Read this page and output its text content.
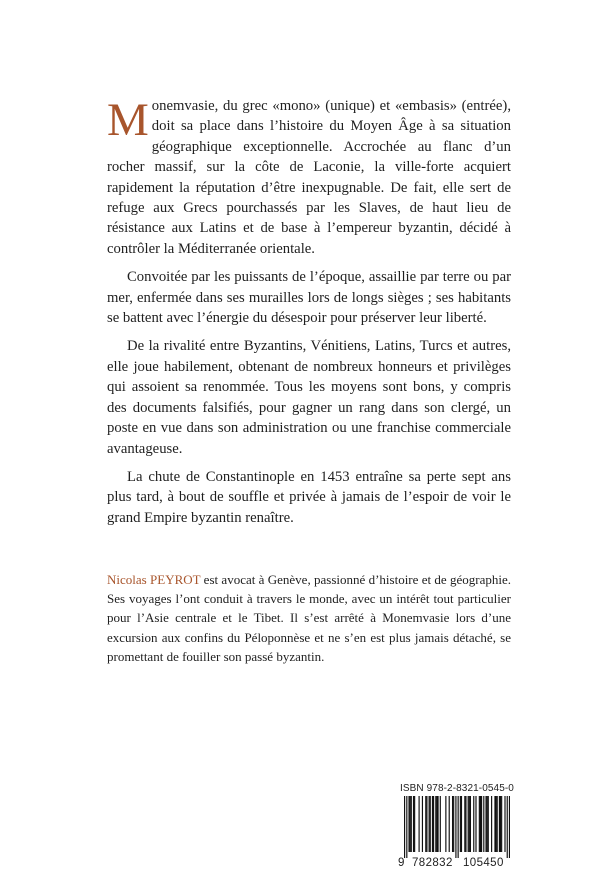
Monemvasie, du grec «mono» (unique) et «embasis» (entrée), doit sa place dans l’histoire du Moyen Âge à sa situation géographique exceptionnelle. Accrochée au flanc d’un rocher massif, sur la côte de Laconie, la ville-forte acquiert rapidement la réputation d’être inexpugnable. De fait, elle sert de refuge aux Grecs pourchassés par les Slaves, de haut lieu de résistance aux Latins et de base à l’empereur byzantin, décidé à contrôler la Méditerranée orientale.

Convoitée par les puissants de l’époque, assaillie par terre ou par mer, enfermée dans ses murailles lors de longs sièges ; ses habitants se battent avec l’énergie du désespoir pour préserver leur liberté.

De la rivalité entre Byzantins, Vénitiens, Latins, Turcs et autres, elle joue habilement, obtenant de nombreux honneurs et privilèges qui assoient sa renommée. Tous les moyens sont bons, y compris des documents falsifiés, pour gagner un rang dans son clergé, un poste en vue dans son administration ou une franchise commerciale avantageuse.

La chute de Constantinople en 1453 entraîne sa perte sept ans plus tard, à bout de souffle et privée à jamais de l’espoir de voir le grand Empire byzantin renaître.

Nicolas PEYROT est avocat à Genève, passionné d’histoire et de géographie. Ses voyages l’ont conduit à travers le monde, avec un intérêt tout particulier pour l’Asie centrale et le Tibet. Il s’est arrêté à Monemvasie lors d’une excursion aux confins du Péloponnèse et ne s’en est plus jamais détaché, se promettant de fouiller son passé byzantin.
ISBN 978-2-8321-0545-0
9 782832 105450
